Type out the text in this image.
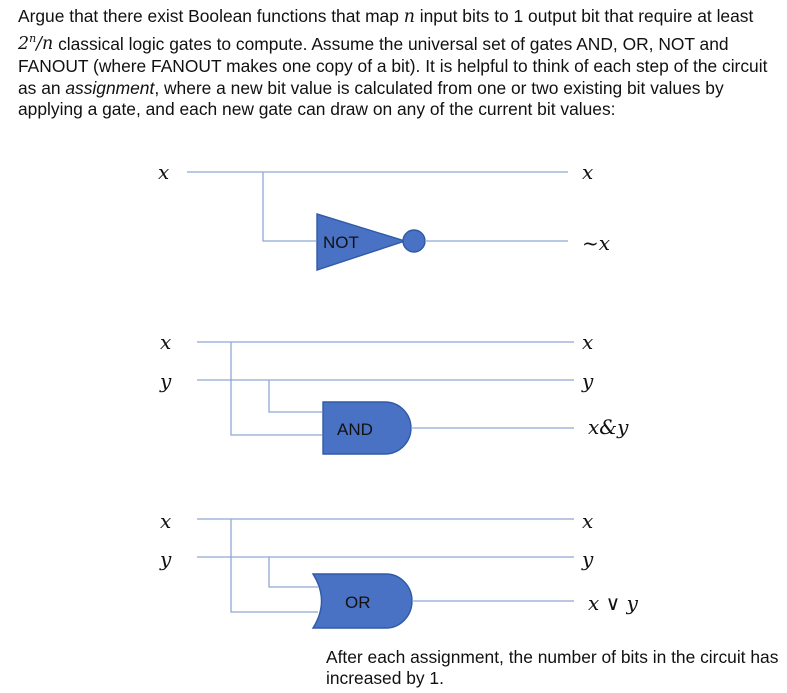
Argue that there exist Boolean functions that map n input bits to 1 output bit that require at least 2$^n$/n classical logic gates to compute. Assume the universal set of gates AND, OR, NOT and FANOUT (where FANOUT makes one copy of a bit). It is helpful to think of each step of the circuit as an assignment, where a new bit value is calculated from one or two existing bit values by applying a gate, and each new gate can draw on any of the current bit values:
x
NOT
x
~x
x
y
AND
x
y
x&y
x
y
OR
x
y
x ∨ y
After each assignment, the number of bits in the circuit has increased by 1.
